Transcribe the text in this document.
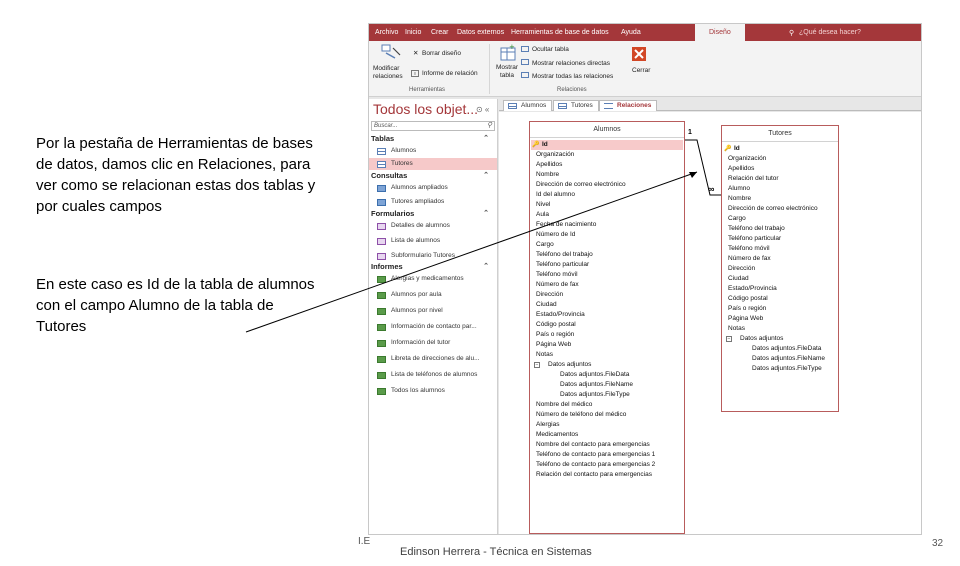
Por la pestaña de Herramientas de bases de datos, damos clic en Relaciones, para ver como se relacionan estas dos tablas y por cuales campos
En este caso es Id de la tabla de alumnos con el campo Alumno de la tabla de Tutores
I.E
Edinson Herrera - Técnica en Sistemas
32
Archivo Inicio Crear Datos externos Herramientas de base de datos Ayuda	Diseño	⚲ ¿Qué desea hacer?
Modificar relaciones
✕ Borrar diseño
≡ Informe de relación
Herramientas
+
Mostrar tabla
Ocultar tabla
Mostrar relaciones directas
Mostrar todas las relaciones
Cerrar
Relaciones
Todos los objet...
⊙ «
Buscar...	⚲
Tablas	⌃
Alumnos
Tutores
Consultas	⌃
Alumnos ampliados
Tutores ampliados
Formularios	⌃
Detalles de alumnos
Lista de alumnos
Subformulario Tutores
Informes	⌃
Alergias y medicamentos
Alumnos por aula
Alumnos por nivel
Información de contacto par...
Información del tutor
Libreta de direcciones de alu...
Lista de teléfonos de alumnos
Todos los alumnos
Alumnos	Tutores	Relaciones
Alumnos
🔑 Id
Organización
Apellidos
Nombre
Dirección de correo electrónico
Id del alumno
Nivel
Aula
Fecha de nacimiento
Número de Id
Cargo
Teléfono del trabajo
Teléfono particular
Teléfono móvil
Número de fax
Dirección
Ciudad
Estado/Provincia
Código postal
País o región
Página Web
Notas
− Datos adjuntos
Datos adjuntos.FileData
Datos adjuntos.FileName
Datos adjuntos.FileType
Nombre del médico
Número de teléfono del médico
Alergias
Medicamentos
Nombre del contacto para emergencias
Teléfono de contacto para emergencias 1
Teléfono de contacto para emergencias 2
Relación del contacto para emergencias
Tutores
🔑 Id
Organización
Apellidos
Relación del tutor
Alumno
Nombre
Dirección de correo electrónico
Cargo
Teléfono del trabajo
Teléfono particular
Teléfono móvil
Número de fax
Dirección
Ciudad
Estado/Provincia
Código postal
País o región
Página Web
Notas
− Datos adjuntos
Datos adjuntos.FileData
Datos adjuntos.FileName
Datos adjuntos.FileType
1
∞
